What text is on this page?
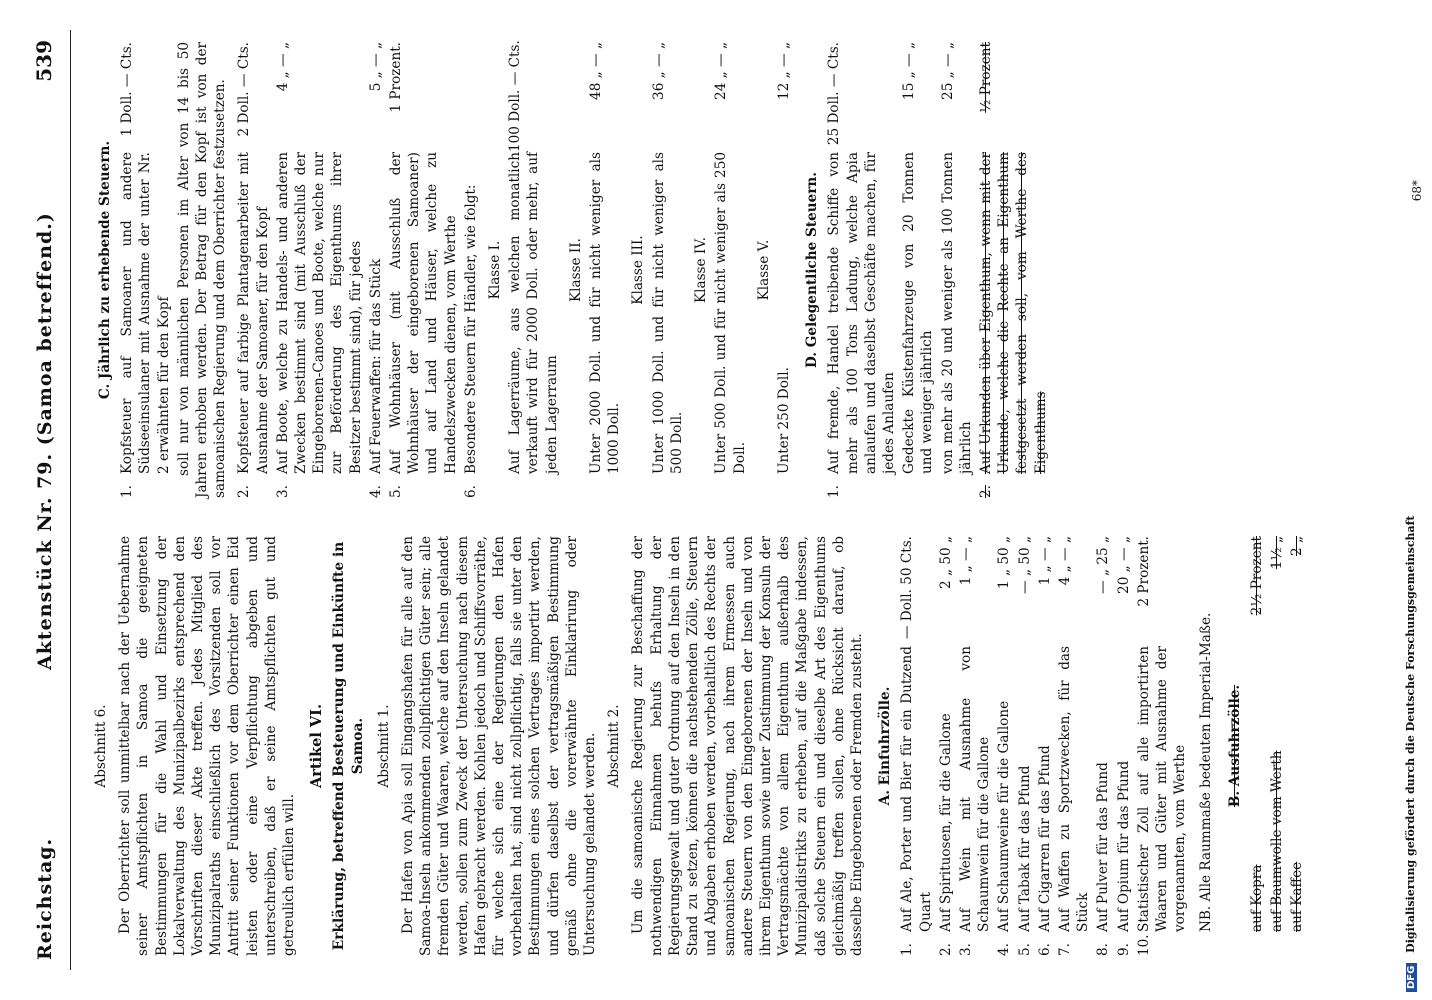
Reichstag.
Aktenstück Nr. 79. (Samoa betreffend.)
539
Abschnitt 6. Der Oberrichter soll unmittelbar nach der Uebernahme seiner Amtspflichten in Samoa die geeigneten Bestimmungen für die Wahl und Einsetzung der Lokalverwaltung des Munizipalbezirks entsprechend den Vorschriften dieser Akte treffen. Jedes Mitglied des Munizipalraths einschließlich des Vorsitzenden soll vor Antritt seiner Funktionen vor dem Oberrichter einen Eid leisten oder eine Verpflichtung abgeben und unterschreiben, daß er seine Amtspflichten gut und getreulich erfüllen will.

Artikel VI. Erklärung, betreffend Besteuerung und Einkünfte in Samoa. Abschnitt 1. Der Hafen von Apia soll Eingangshafen für alle auf den Samoa-Inseln ankommenden zollpflichtigen Güter sein; alle fremden Güter und Waaren, welche auf den Inseln gelandet werden, sollen zum Zweck der Untersuchung nach diesem Hafen gebracht werden. Kohlen jedoch und Schiffsvorräthe, für welche sich eine der Regierungen den Hafen vorbehalten hat, sind nicht zollpflichtig, falls sie unter den Bestimmungen eines solchen Vertrages importirt werden, und dürfen daselbst der vertragsmäßigen Bestimmung gemäß ohne die vorerwähnte Einklarirung oder Untersuchung gelandet werden. Abschnitt 2. Um die samoanische Regierung zur Beschaffung der nothwendigen Einnahmen behufs Erhaltung der Regierungsgewalt und guter Ordnung auf den Inseln in den Stand zu setzen, können die nachstehenden Zölle, Steuern und Abgaben erhoben werden, vorbehaltlich des Rechts der samoanischen Regierung, nach ihrem Ermessen auch andere Steuern von den Eingeborenen der Inseln und von ihrem Eigenthum sowie unter Zustimmung der Konsuln der Vertragsmächte von allem Eigenthum außerhalb des Munizipaldistrikts zu erheben, auf die Maßgabe indessen, daß solche Steuern ein und dieselbe Art des Eigenthums gleichmäßig treffen sollen, ohne Rücksicht darauf, ob dasselbe Eingeborenen oder Fremden zusteht. A. Einfuhrzölle.
1.
Auf Ale, Porter und Bier für ein Dutzend Quart
— Doll. 50 Cts.
2.
Auf Spirituosen, für die Gallone
2 „ 50 „
3.
Auf Wein mit Ausnahme von Schaumwein für die Gallone
1 „ — „
4.
Auf Schaumweine für die Gallone
1 „ 50 „
5.
Auf Tabak für das Pfund
— „ 50 „
6.
Auf Cigarren für das Pfund
1 „ — „
7.
Auf Waffen zu Sportzwecken, für das Stück
4 „ — „
8.
Auf Pulver für das Pfund
— „ 25 „
9.
Auf Opium für das Pfund
20 „ — „
10.
Statistischer Zoll auf alle importirten Waaren und Güter mit Ausnahme der vorgenannten, vom Werthe
2 Prozent.
NB. Alle Raummaße bedeuten Imperial-Maße. B. Ausfuhrzölle.
auf Kopra
2½ Prozent
auf Baumwolle vom Werth
1½ „
auf Kaffee
2 „
C. Jährlich zu erhebende Steuern.
1.
Kopfsteuer auf Samoaner und andere Südseeinsulaner mit Ausnahme der unter Nr. 2 erwähnten für den Kopf
1 Doll. — Cts.	soll nur von männlichen Personen im Alter von 14 bis 50 Jahren erhoben werden. Der Betrag für den Kopf ist von der samoanischen Regierung und dem Oberrichter festzusetzen. 2.
Kopfsteuer auf farbige Plantagenarbeiter mit Ausnahme der Samoaner, für den Kopf
2 Doll. — Cts.
3.
Auf Boote, welche zu Handels- und anderen Zwecken bestimmt sind (mit Ausschluß der Eingeborenen-Canoes und Boote, welche nur zur Beförderung des Eigenthums ihrer Besitzer bestimmt sind), für jedes
4 „ — „
4.
Auf Feuerwaffen: für das Stück
5 „ — „
5.
Auf Wohnhäuser (mit Ausschluß der Wohnhäuser der eingeborenen Samoaner) und auf Land und Häuser, welche zu Handelszwecken dienen, vom Werthe
1 Prozent.
6.
Besondere Steuern für Händler, wie folgt: Klasse I. Auf Lagerräume, aus welchen monatlich verkauft wird für 2000 Doll. oder mehr, auf jeden Lagerraum
100 Doll. — Cts.
Klasse II. Unter 2000 Doll. und für nicht weniger als 1000 Doll.
48 „ — „
Klasse III. Unter 1000 Doll. und für nicht weniger als 500 Doll.
36 „ — „
Klasse IV. Unter 500 Doll. und für nicht weniger als 250 Doll.
24 „ — „
Klasse V.
Unter 250 Doll.
12 „ — „
D. Gelegentliche Steuern.
1.
Auf fremde, Handel treibende Schiffe von mehr als 100 Tons Ladung, welche Apia anlaufen und daselbst Geschäfte machen, für jedes Anlaufen
25 Doll. — Cts.
Gedeckte Küstenfahrzeuge von 20 Tonnen und weniger jährlich
15 „ — „
von mehr als 20 und weniger als 100 Tonnen jährlich
25 „ — „
2.
Auf Urkunden über Eigenthum, wenn mit der Urkunde, welche die Rechte an Eigenthum festgesetzt werden soll, vom Werthe des Eigenthums
½ Prozent
68*
DFG Digitalisierung gefördert durch die Deutsche Forschungsgemeinschaft
